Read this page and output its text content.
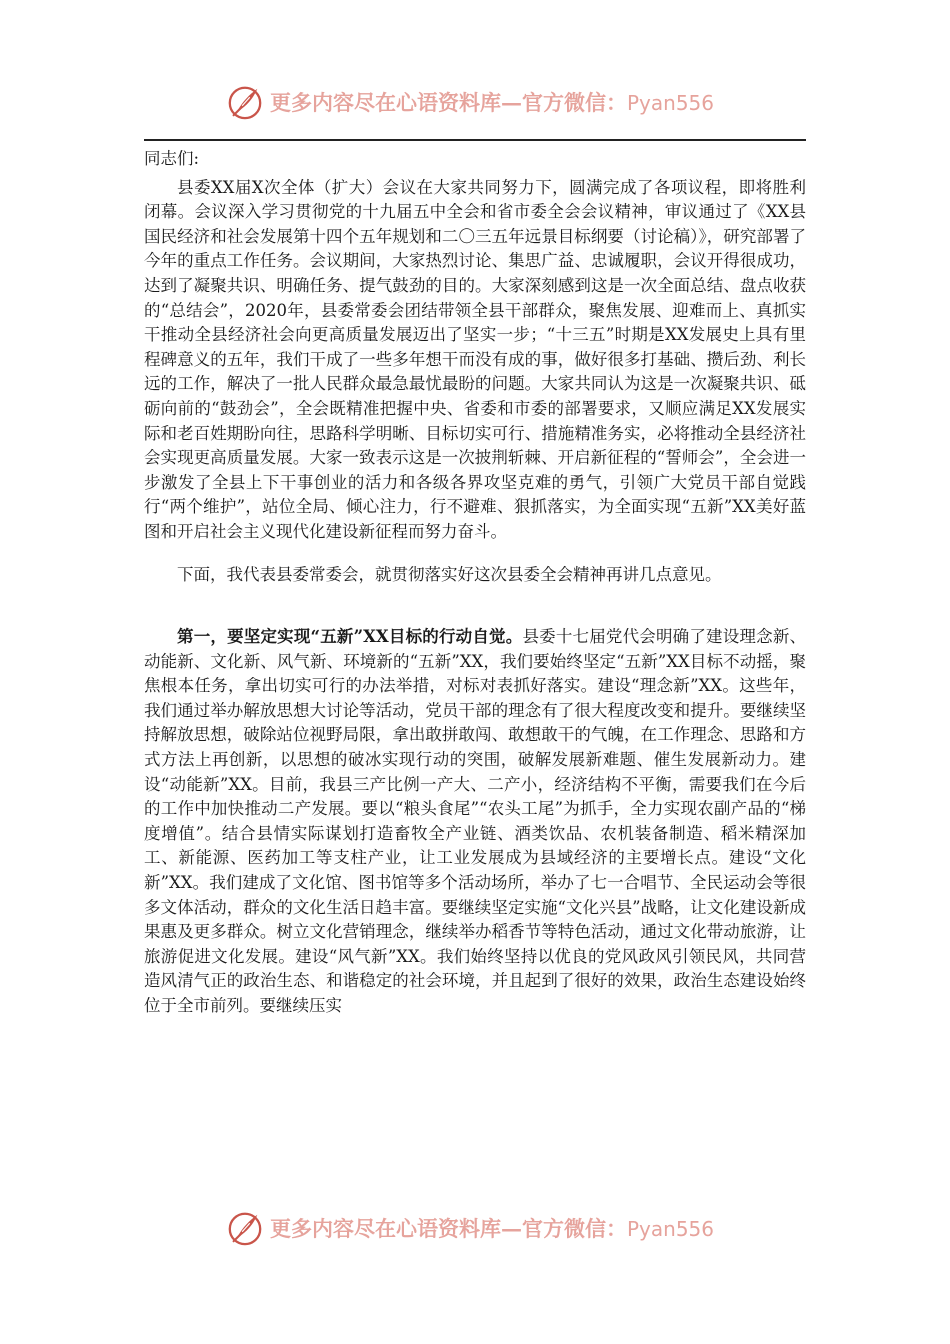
更多内容尽在心语资料库—官方微信：Pyan556

同志们:

县委XX届X次全体（扩大）会议在大家共同努力下，圆满完成了各项议程，即将胜利闭幕。会议深入学习贯彻党的十九届五中全会和省市委全会会议精神，审议通过了《XX县国民经济和社会发展第十四个五年规划和二〇三五年远景目标纲要（讨论稿）》，研究部署了今年的重点工作任务。会议期间，大家热烈讨论、集思广益、忠诚履职，会议开得很成功，达到了凝聚共识、明确任务、提气鼓劲的目的。大家深刻感到这是一次全面总结、盘点收获的“总结会”，2020年，县委常委会团结带领全县干部群众，聚焦发展、迎难而上、真抓实干推动全县经济社会向更高质量发展迈出了坚实一步；“十三五”时期是XX发展史上具有里程碑意义的五年，我们干成了一些多年想干而没有成的事，做好很多打基础、攒后劲、利长远的工作，解决了一批人民群众最急最忧最盼的问题。大家共同认为这是一次凝聚共识、砥砺向前的“鼓劲会”，全会既精准把握中央、省委和市委的部署要求，又顺应满足XX发展实际和老百姓期盼向往，思路科学明晰、目标切实可行、措施精准务实，必将推动全县经济社会实现更高质量发展。大家一致表示这是一次披荆斩棘、开启新征程的“誓师会”，全会进一步激发了全县上下干事创业的活力和各级各界攻坚克难的勇气，引领广大党员干部自觉践行“两个维护”，站位全局、倾心注力，行不避难、狠抓落实，为全面实现“五新”XX美好蓝图和开启社会主义现代化建设新征程而努力奋斗。

下面，我代表县委常委会，就贯彻落实好这次县委全会精神再讲几点意见。

第一，要坚定实现“五新”XX目标的行动自觉。县委十七届党代会明确了建设理念新、动能新、文化新、风气新、环境新的“五新”XX，我们要始终坚定“五新”XX目标不动摇，聚焦根本任务，拿出切实可行的办法举措，对标对表抓好落实。建设“理念新”XX。这些年，我们通过举办解放思想大讨论等活动，党员干部的理念有了很大程度改变和提升。要继续坚持解放思想，破除站位视野局限，拿出敢拼敢闯、敢想敢干的气魄，在工作理念、思路和方式方法上再创新，以思想的破冰实现行动的突围，破解发展新难题、催生发展新动力。建设“动能新”XX。目前，我县三产比例一产大、二产小，经济结构不平衡，需要我们在今后的工作中加快推动二产发展。要以“粮头食尾”“农头工尾”为抓手，全力实现农副产品的“梯度增值”。结合县情实际谋划打造畜牧全产业链、酒类饮品、农机装备制造、稻米精深加工、新能源、医药加工等支柱产业，让工业发展成为县域经济的主要增长点。建设“文化新”XX。我们建成了文化馆、图书馆等多个活动场所，举办了七一合唱节、全民运动会等很多文体活动，群众的文化生活日趋丰富。要继续坚定实施“文化兴县”战略，让文化建设新成果惠及更多群众。树立文化营销理念，继续举办稻香节等特色活动，通过文化带动旅游，让旅游促进文化发展。建设“风气新”XX。我们始终坚持以优良的党风政风引领民风，共同营造风清气正的政治生态、和谐稳定的社会环境，并且起到了很好的效果，政治生态建设始终位于全市前列。要继续压实

更多内容尽在心语资料库—官方微信：Pyan556
